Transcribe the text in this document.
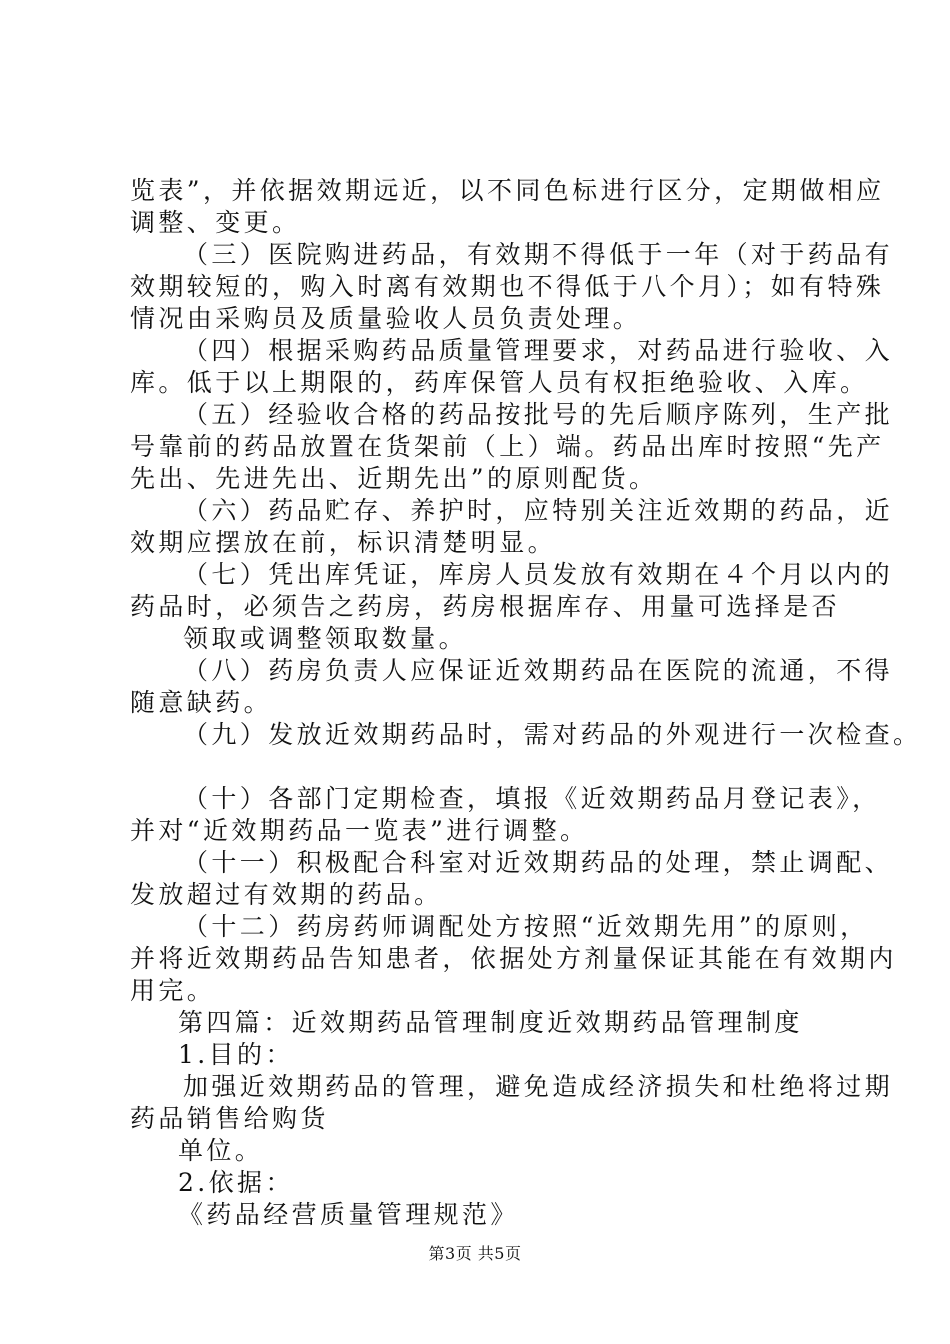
览表”，并依据效期远近，以不同色标进行区分，定期做相应
调整、变更。
（三）医院购进药品，有效期不得低于一年（对于药品有
效期较短的，购入时离有效期也不得低于八个月）；如有特殊
情况由采购员及质量验收人员负责处理。
（四）根据采购药品质量管理要求，对药品进行验收、入
库。低于以上期限的，药库保管人员有权拒绝验收、入库。
（五）经验收合格的药品按批号的先后顺序陈列，生产批
号靠前的药品放置在货架前（上）端。药品出库时按照“先产
先出、先进先出、近期先出”的原则配货。
（六）药品贮存、养护时，应特别关注近效期的药品，近
效期应摆放在前，标识清楚明显。
（七）凭出库凭证，库房人员发放有效期在４个月以内的
药品时，必须告之药房，药房根据库存、用量可选择是否
领取或调整领取数量。
（八）药房负责人应保证近效期药品在医院的流通，不得
随意缺药。
（九）发放近效期药品时，需对药品的外观进行一次检查。
（十）各部门定期检查，填报《近效期药品月登记表》，
并对“近效期药品一览表”进行调整。
（十一）积极配合科室对近效期药品的处理，禁止调配、
发放超过有效期的药品。
（十二）药房药师调配处方按照“近效期先用”的原则，
并将近效期药品告知患者，依据处方剂量保证其能在有效期内
用完。
第四篇：近效期药品管理制度近效期药品管理制度
1.目的：
加强近效期药品的管理，避免造成经济损失和杜绝将过期
药品销售给购货
单位。
2.依据：
《药品经营质量管理规范》
第3页 共5页
